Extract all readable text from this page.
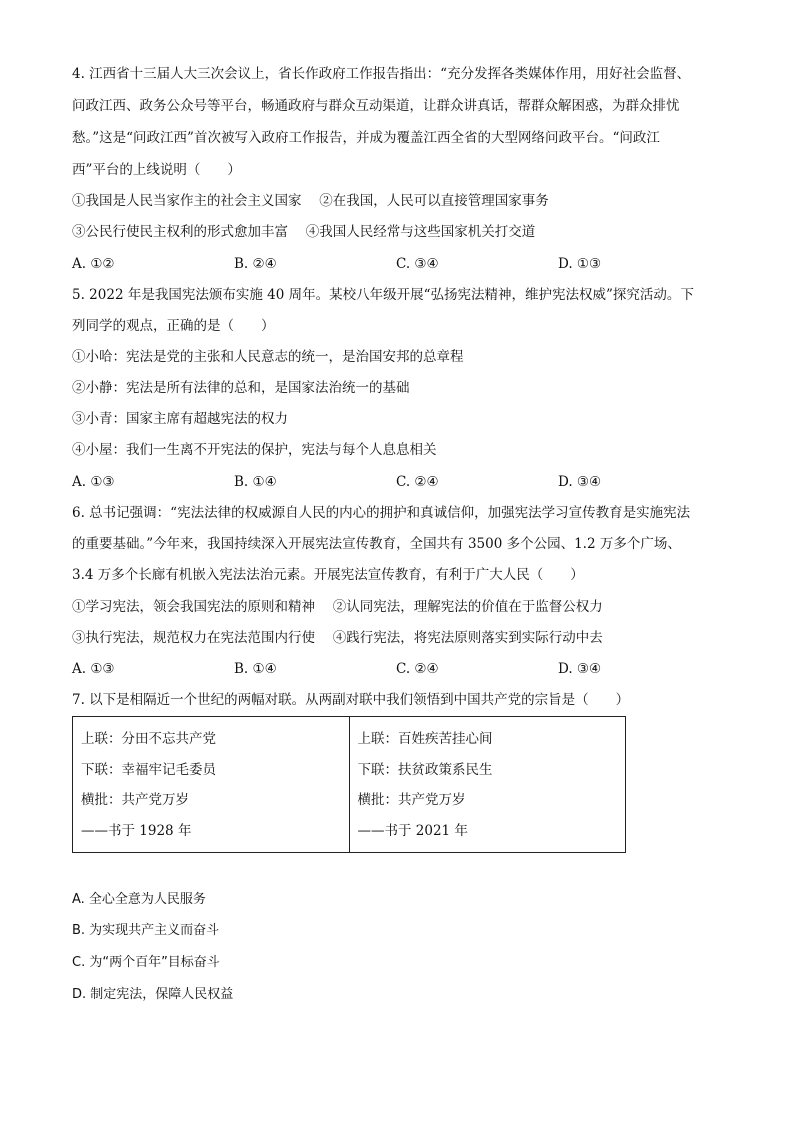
4. 江西省十三届人大三次会议上，省长作政府工作报告指出：“充分发挥各类媒体作用，用好社会监督、
问政江西、政务公众号等平台，畅通政府与群众互动渠道，让群众讲真话，帮群众解困惑，为群众排忧
愁。”这是“问政江西”首次被写入政府工作报告，并成为覆盖江西全省的大型网络问政平台。“问政江
西”平台的上线说明（　　）
①我国是人民当家作主的社会主义国家　 ②在我国，人民可以直接管理国家事务
③公民行使民主权利的形式愈加丰富　 ④我国人民经常与这些国家机关打交道
A. ①②	B. ②④	C. ③④	D. ①③
5. 2022 年是我国宪法颁布实施 40 周年。某校八年级开展“弘扬宪法精神，维护宪法权威”探究活动。下
列同学的观点，正确的是（　　）
①小哈：宪法是党的主张和人民意志的统一，是治国安邦的总章程
②小静：宪法是所有法律的总和，是国家法治统一的基础
③小青：国家主席有超越宪法的权力
④小屋：我们一生离不开宪法的保护，宪法与每个人息息相关
A. ①③	B. ①④	C. ②④	D. ③④
6. 总书记强调：“宪法法律的权威源自人民的内心的拥护和真诚信仰，加强宪法学习宣传教育是实施宪法
的重要基础。”今年来，我国持续深入开展宪法宣传教育，全国共有 3500 多个公园、1.2 万多个广场、
3.4 万多个长廊有机嵌入宪法法治元素。开展宪法宣传教育，有利于广大人民（　　）
①学习宪法，领会我国宪法的原则和精神　 ②认同宪法，理解宪法的价值在于监督公权力
③执行宪法，规范权力在宪法范围内行使　 ④践行宪法，将宪法原则落实到实际行动中去
A. ①③	B. ①④	C. ②④	D. ③④
7. 以下是相隔近一个世纪的两幅对联。从两副对联中我们领悟到中国共产党的宗旨是（　　）
上联：分田不忘共产党
下联：幸福牢记毛委员
横批：共产党万岁
——书于 1928 年

上联：百姓疾苦挂心间
下联：扶贫政策系民生
横批：共产党万岁
——书于 2021 年
A. 全心全意为人民服务
B. 为实现共产主义而奋斗
C. 为“两个百年”目标奋斗
D. 制定宪法，保障人民权益
